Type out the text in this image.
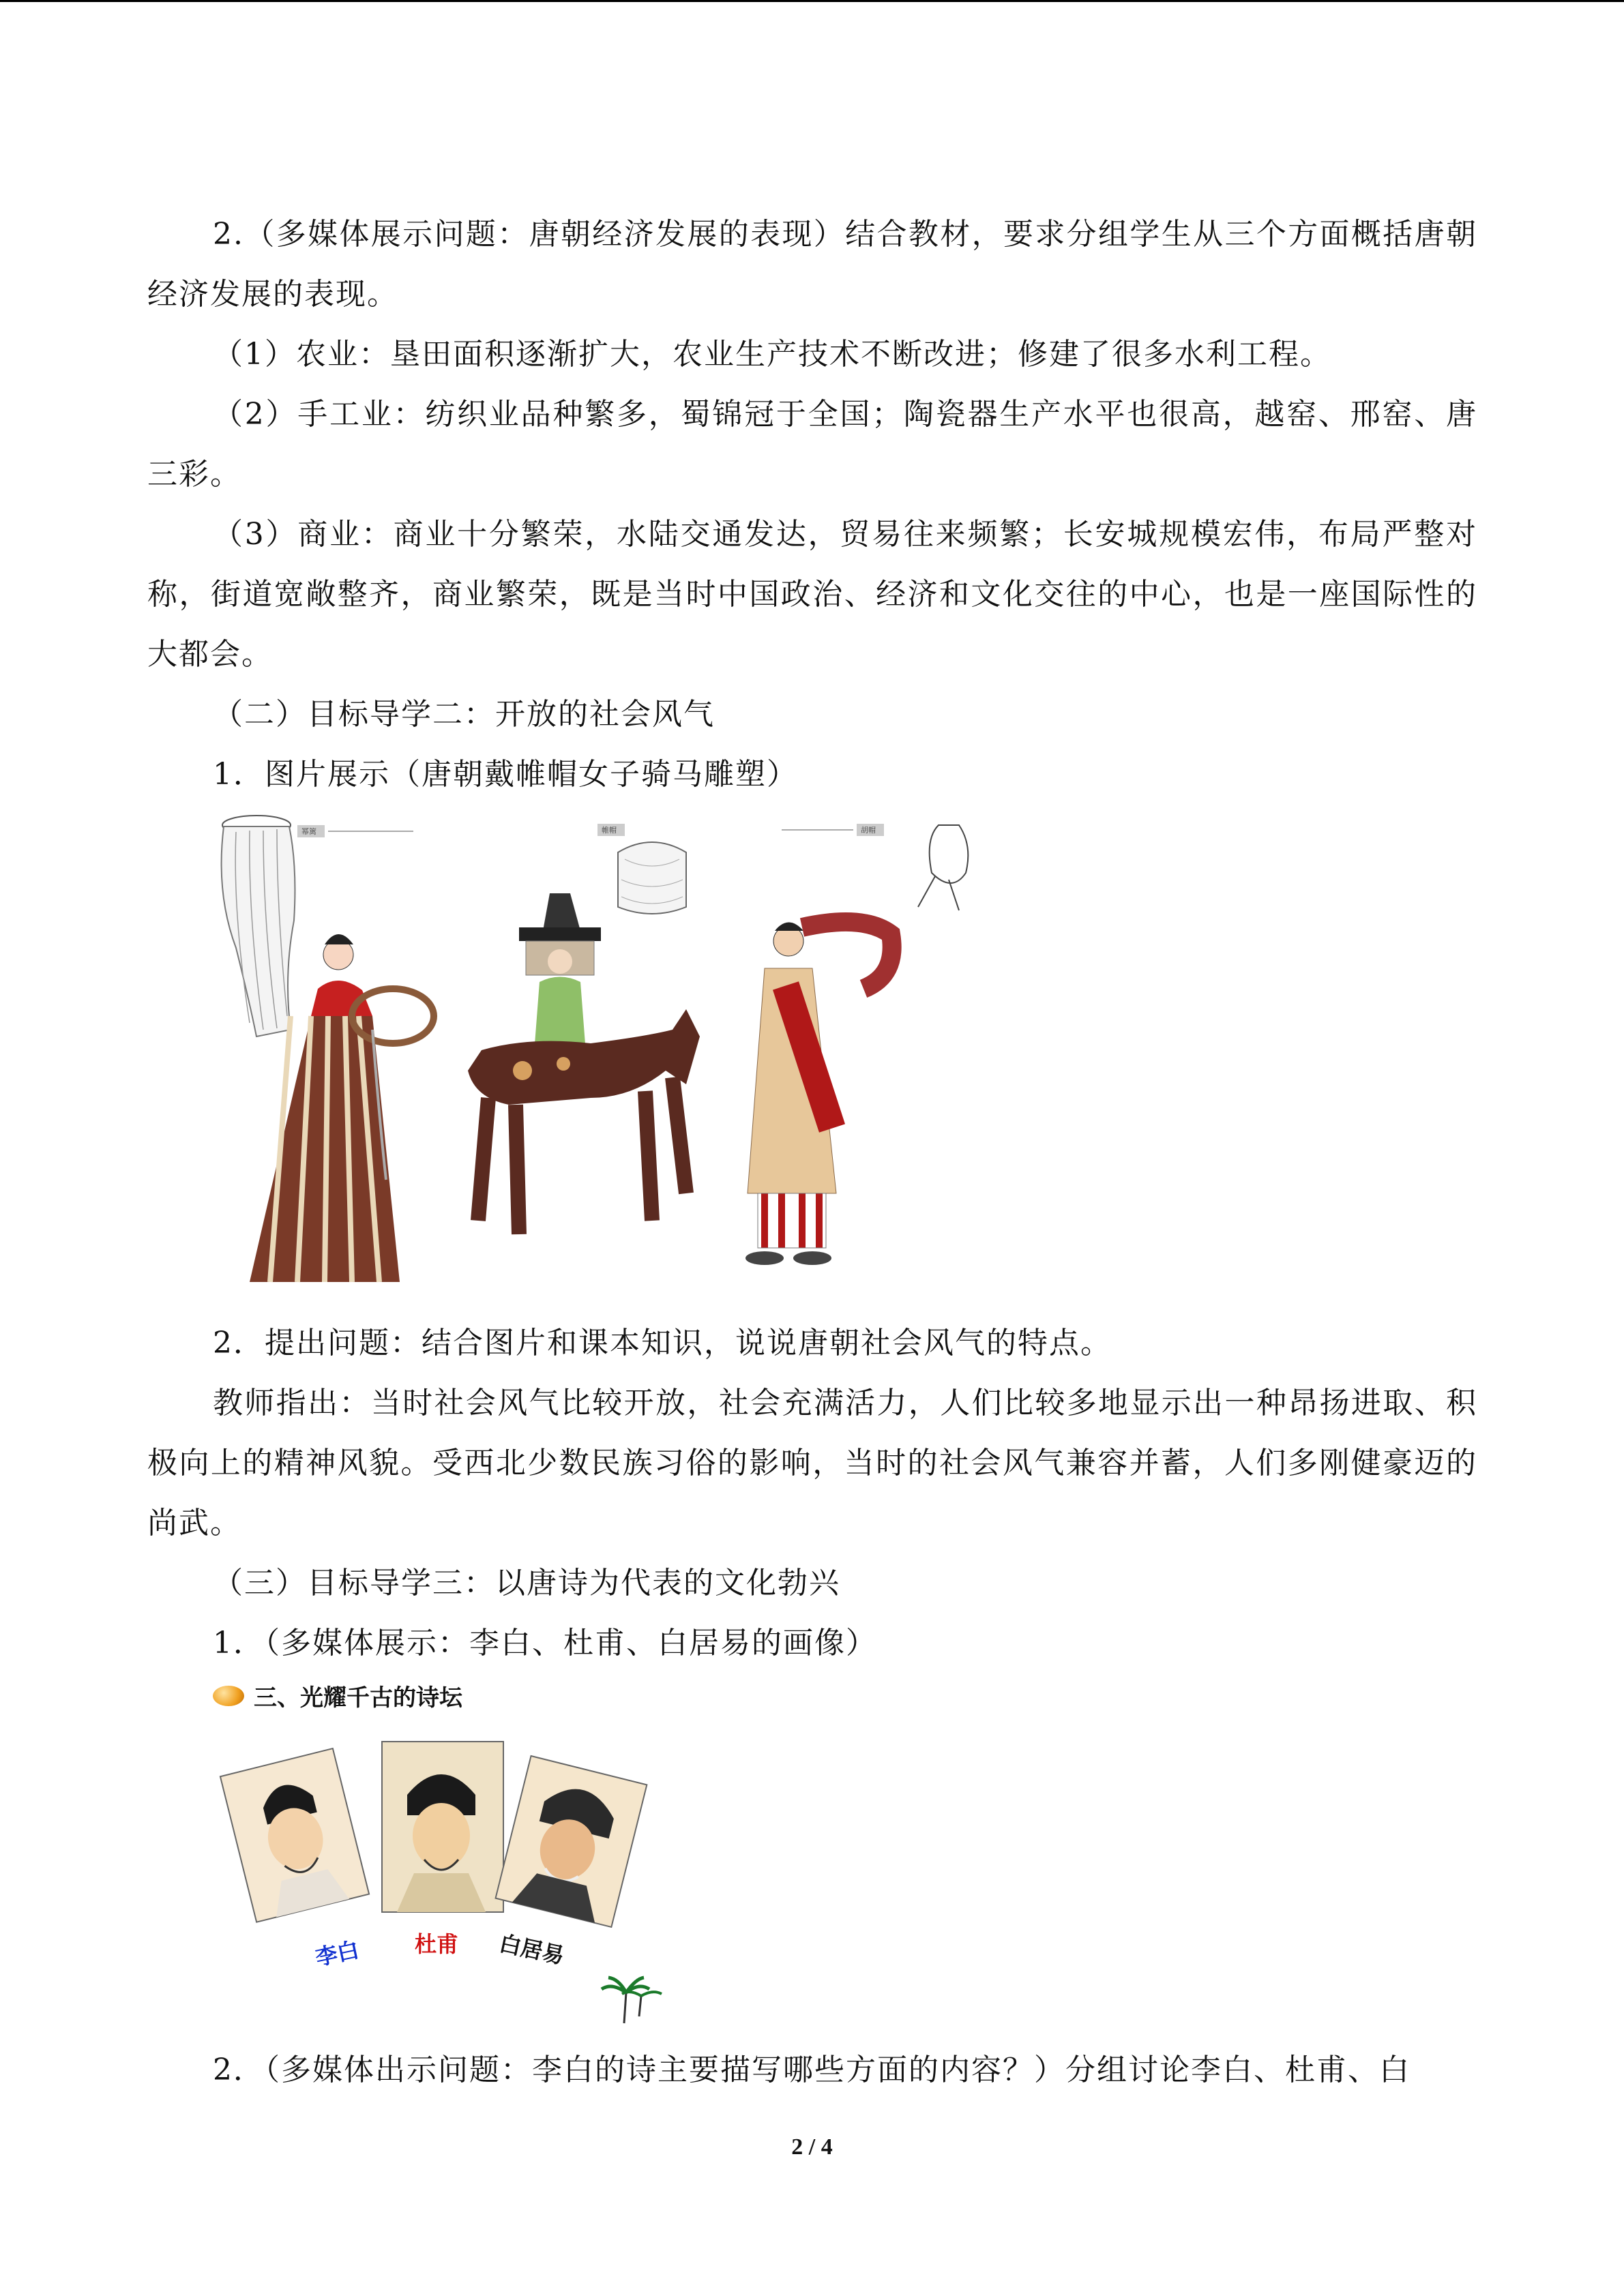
2.（多媒体展示问题：唐朝经济发展的表现）结合教材，要求分组学生从三个方面概括唐朝经济发展的表现。

（1）农业：垦田面积逐渐扩大，农业生产技术不断改进；修建了很多水利工程。

（2）手工业：纺织业品种繁多，蜀锦冠于全国；陶瓷器生产水平也很高，越窑、邢窑、唐三彩。

（3）商业：商业十分繁荣，水陆交通发达，贸易往来频繁；长安城规模宏伟，布局严整对称，街道宽敞整齐，商业繁荣，既是当时中国政治、经济和文化交往的中心，也是一座国际性的大都会。

（二）目标导学二：开放的社会风气

1．图片展示（唐朝戴帷帽女子骑马雕塑）

幂篱	帷帽	胡帽

2．提出问题：结合图片和课本知识，说说唐朝社会风气的特点。

教师指出：当时社会风气比较开放，社会充满活力，人们比较多地显示出一种昂扬进取、积极向上的精神风貌。受西北少数民族习俗的影响，当时的社会风气兼容并蓄，人们多刚健豪迈的尚武。

（三）目标导学三：以唐诗为代表的文化勃兴

1．（多媒体展示：李白、杜甫、白居易的画像）

三、光耀千古的诗坛
李白 杜甫 白居易

2．（多媒体出示问题：李白的诗主要描写哪些方面的内容？）分组讨论李白、杜甫、白

2 / 4
